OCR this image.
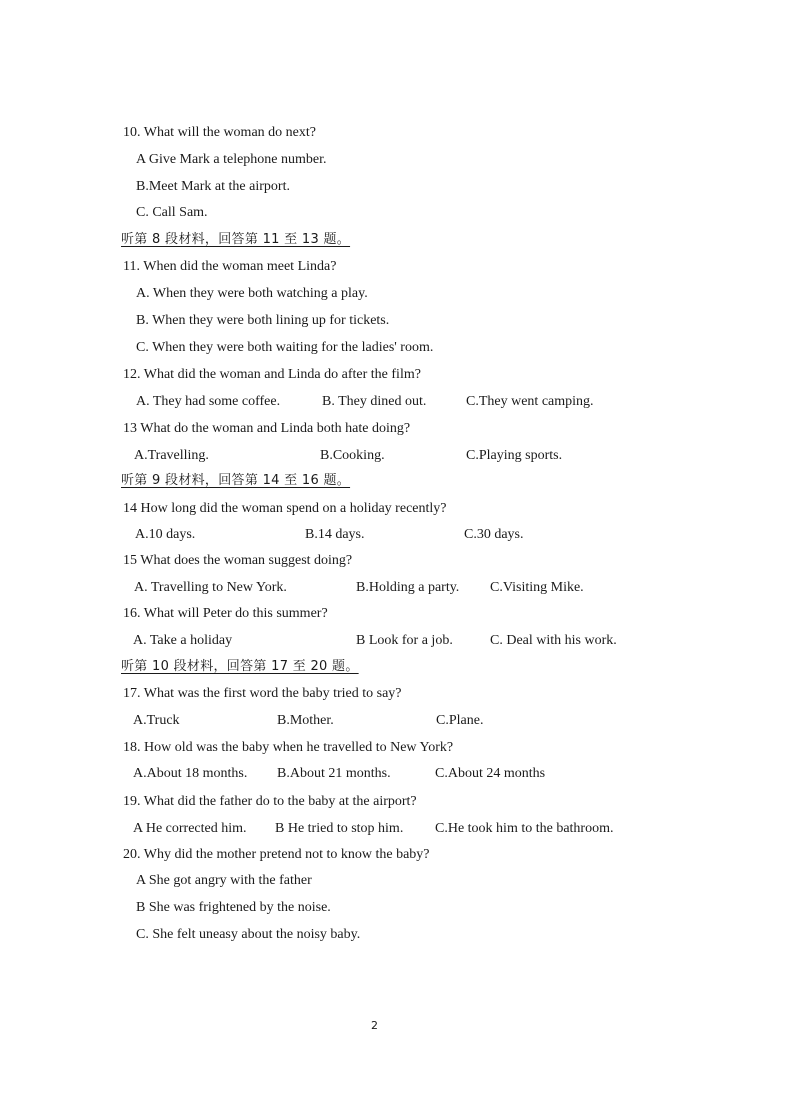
10. What will the woman do next?
A Give Mark a telephone number.
B.Meet Mark at the airport.
C. Call Sam.
听第 8 段材料，回答第 11 至 13 题。
11. When did the woman meet Linda?
A. When they were both watching a play.
B. When they were both lining up for tickets.
C. When they were both waiting for the ladies' room.
12. What did the woman and Linda do after the film?
A. They had some coffee.	B. They dined out.	C.They went camping.
13 What do the woman and Linda both hate doing?
A.Travelling.	B.Cooking.	C.Playing sports.
听第 9 段材料，回答第 14 至 16 题。
14 How long did the woman spend on a holiday recently?
A.10 days.	B.14 days.	C.30 days.
15 What does the woman suggest doing?
A. Travelling to New York.	B.Holding a party. C.Visiting Mike.
16. What will Peter do this summer?
A. Take a holiday	B Look for a job.	C. Deal with his work.
听第 10 段材料，回答第 17 至 20 题。
17. What was the first word the baby tried to say?
A.Truck	B.Mother.	C.Plane.
18. How old was the baby when he travelled to New York?
A.About 18 months. B.About 21 months.	C.About 24 months
19. What did the father do to the baby at the airport?
A He corrected him. B He tried to stop him. C.He took him to the bathroom.
20. Why did the mother pretend not to know the baby?
A She got angry with the father
B She was frightened by the noise.
C. She felt uneasy about the noisy baby.
2
